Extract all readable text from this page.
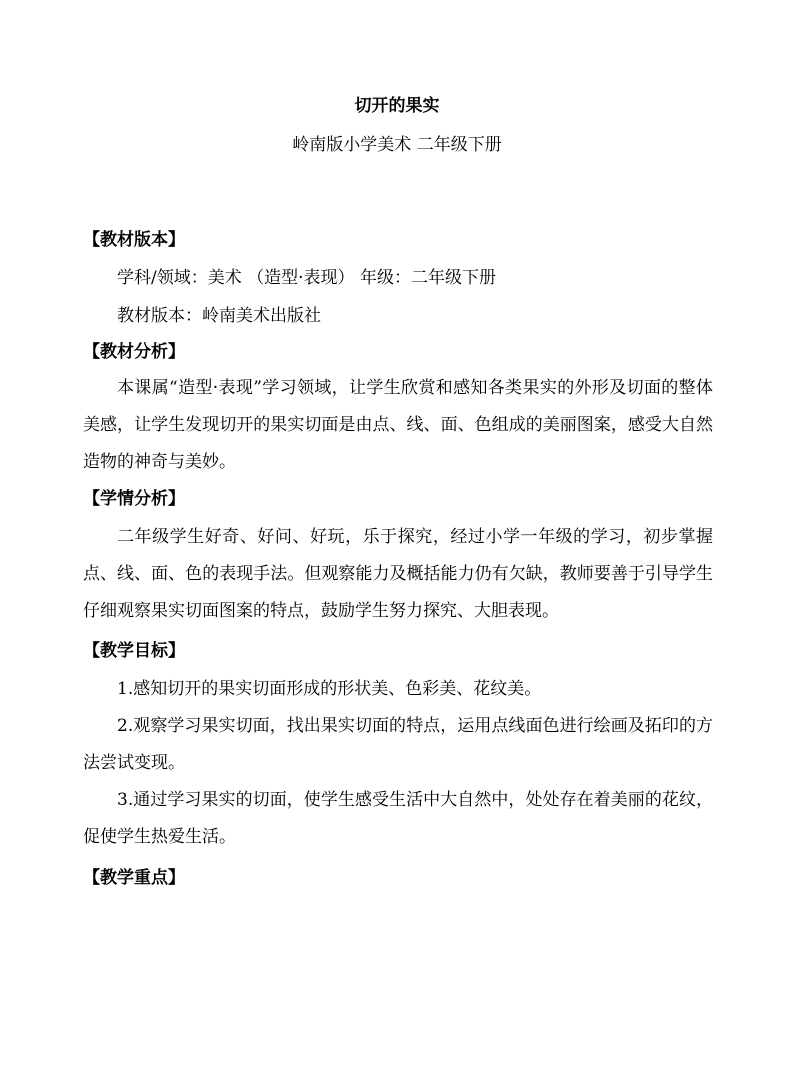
切开的果实
岭南版小学美术 二年级下册
【教材版本】
学科/领域：美术 （造型·表现） 年级：二年级下册
教材版本：岭南美术出版社
【教材分析】

本课属“造型·表现”学习领域，让学生欣赏和感知各类果实的外形及切面的整体美感，让学生发现切开的果实切面是由点、线、面、色组成的美丽图案，感受大自然造物的神奇与美妙。

【学情分析】

二年级学生好奇、好问、好玩，乐于探究，经过小学一年级的学习，初步掌握点、线、面、色的表现手法。但观察能力及概括能力仍有欠缺，教师要善于引导学生仔细观察果实切面图案的特点，鼓励学生努力探究、大胆表现。

【教学目标】

1.感知切开的果实切面形成的形状美、色彩美、花纹美。

2.观察学习果实切面，找出果实切面的特点，运用点线面色进行绘画及拓印的方法尝试变现。

3.通过学习果实的切面，使学生感受生活中大自然中，处处存在着美丽的花纹，促使学生热爱生活。

【教学重点】
